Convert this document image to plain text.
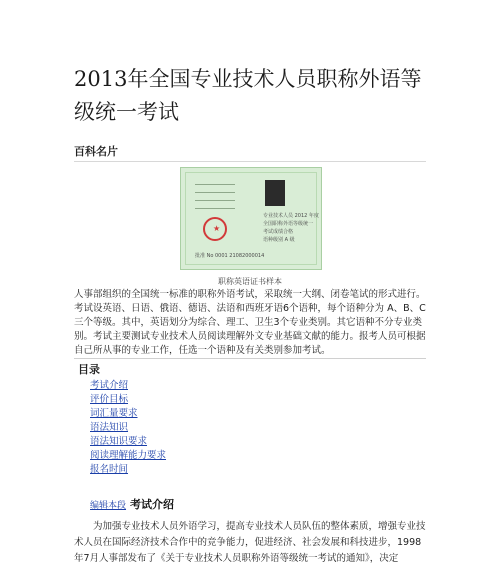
2013年全国专业技术人员职称外语等级统一考试
百科名片
专业技术人员 2012 年度
全国职称外语等级统一
考试成绩合格
语种级别 A 级
★
批准 No 0001 21082000014
职称英语证书样本
人事部组织的全国统一标准的职称外语考试，采取统一大纲、闭卷笔试的形式进行。考试设英语、日语、俄语、德语、法语和西班牙语6个语种，每个语种分为 A、B、C 三个等级。其中，英语划分为综合、理工、卫生3个专业类别。其它语种不分专业类别。考试主要测试专业技术人员阅读理解外文专业基础文献的能力。报考人员可根据自己所从事的专业工作，任选一个语种及有关类别参加考试。
目录
考试介绍
评价目标
词汇量要求
语法知识
语法知识要求
阅读理解能力要求
报名时间
编辑本段 考试介绍
为加强专业技术人员外语学习，提高专业技术人员队伍的整体素质，增强专业技术人员在国际经济技术合作中的竞争能力，促进经济、社会发展和科技进步，1998年7月人事部发布了《关于专业技术人员职称外语等级统一考试的通知》，决定
